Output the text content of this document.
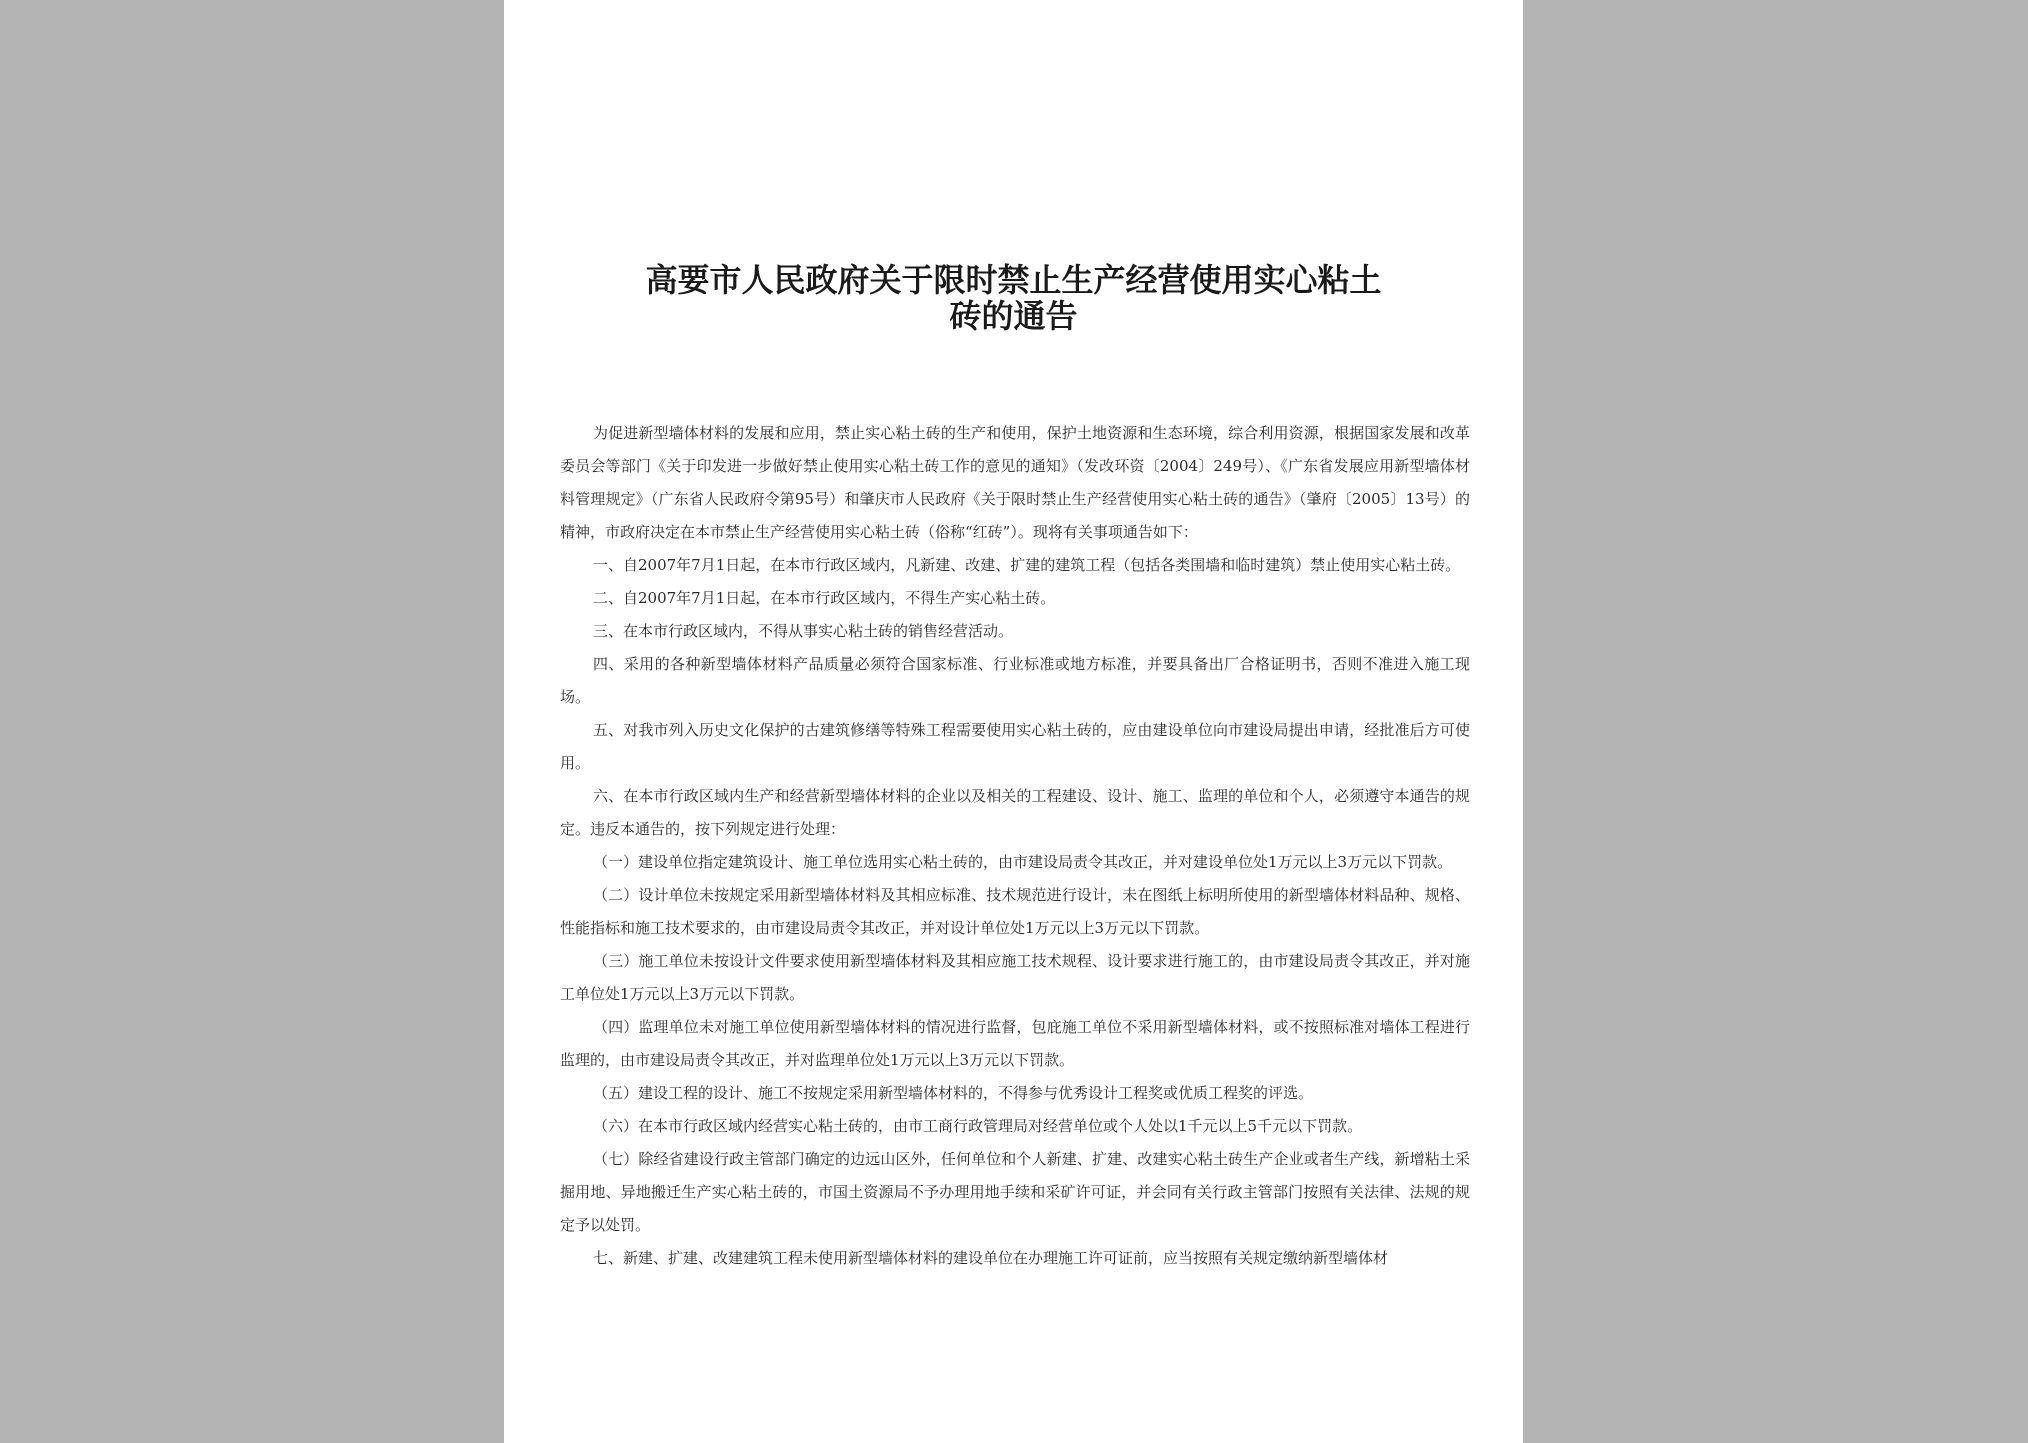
高要市人民政府关于限时禁止生产经营使用实心粘土
砖的通告

为促进新型墙体材料的发展和应用，禁止实心粘土砖的生产和使用，保护土地资源和生态环境，综合利用资源，根据国家发展和改革委员会等部门《关于印发进一步做好禁止使用实心粘土砖工作的意见的通知》（发改环资〔2004〕249号）、《广东省发展应用新型墙体材料管理规定》（广东省人民政府令第95号）和肇庆市人民政府《关于限时禁止生产经营使用实心粘土砖的通告》（肇府〔2005〕13号）的精神，市政府决定在本市禁止生产经营使用实心粘土砖（俗称“红砖”）。现将有关事项通告如下：

一、自2007年7月1日起，在本市行政区域内，凡新建、改建、扩建的建筑工程（包括各类围墙和临时建筑）禁止使用实心粘土砖。

二、自2007年7月1日起，在本市行政区域内，不得生产实心粘土砖。

三、在本市行政区域内，不得从事实心粘土砖的销售经营活动。

四、采用的各种新型墙体材料产品质量必须符合国家标准、行业标准或地方标准，并要具备出厂合格证明书，否则不准进入施工现场。

五、对我市列入历史文化保护的古建筑修缮等特殊工程需要使用实心粘土砖的，应由建设单位向市建设局提出申请，经批准后方可使用。

六、在本市行政区域内生产和经营新型墙体材料的企业以及相关的工程建设、设计、施工、监理的单位和个人，必须遵守本通告的规定。违反本通告的，按下列规定进行处理：

（一）建设单位指定建筑设计、施工单位选用实心粘土砖的，由市建设局责令其改正，并对建设单位处1万元以上3万元以下罚款。

（二）设计单位未按规定采用新型墙体材料及其相应标准、技术规范进行设计，未在图纸上标明所使用的新型墙体材料品种、规格、性能指标和施工技术要求的，由市建设局责令其改正，并对设计单位处1万元以上3万元以下罚款。

（三）施工单位未按设计文件要求使用新型墙体材料及其相应施工技术规程、设计要求进行施工的，由市建设局责令其改正，并对施工单位处1万元以上3万元以下罚款。

（四）监理单位未对施工单位使用新型墙体材料的情况进行监督，包庇施工单位不采用新型墙体材料，或不按照标准对墙体工程进行监理的，由市建设局责令其改正，并对监理单位处1万元以上3万元以下罚款。

（五）建设工程的设计、施工不按规定采用新型墙体材料的，不得参与优秀设计工程奖或优质工程奖的评选。

（六）在本市行政区域内经营实心粘土砖的，由市工商行政管理局对经营单位或个人处以1千元以上5千元以下罚款。

（七）除经省建设行政主管部门确定的边远山区外，任何单位和个人新建、扩建、改建实心粘土砖生产企业或者生产线，新增粘土采掘用地、异地搬迁生产实心粘土砖的，市国土资源局不予办理用地手续和采矿许可证，并会同有关行政主管部门按照有关法律、法规的规定予以处罚。

七、新建、扩建、改建建筑工程未使用新型墙体材料的建设单位在办理施工许可证前，应当按照有关规定缴纳新型墙体材
